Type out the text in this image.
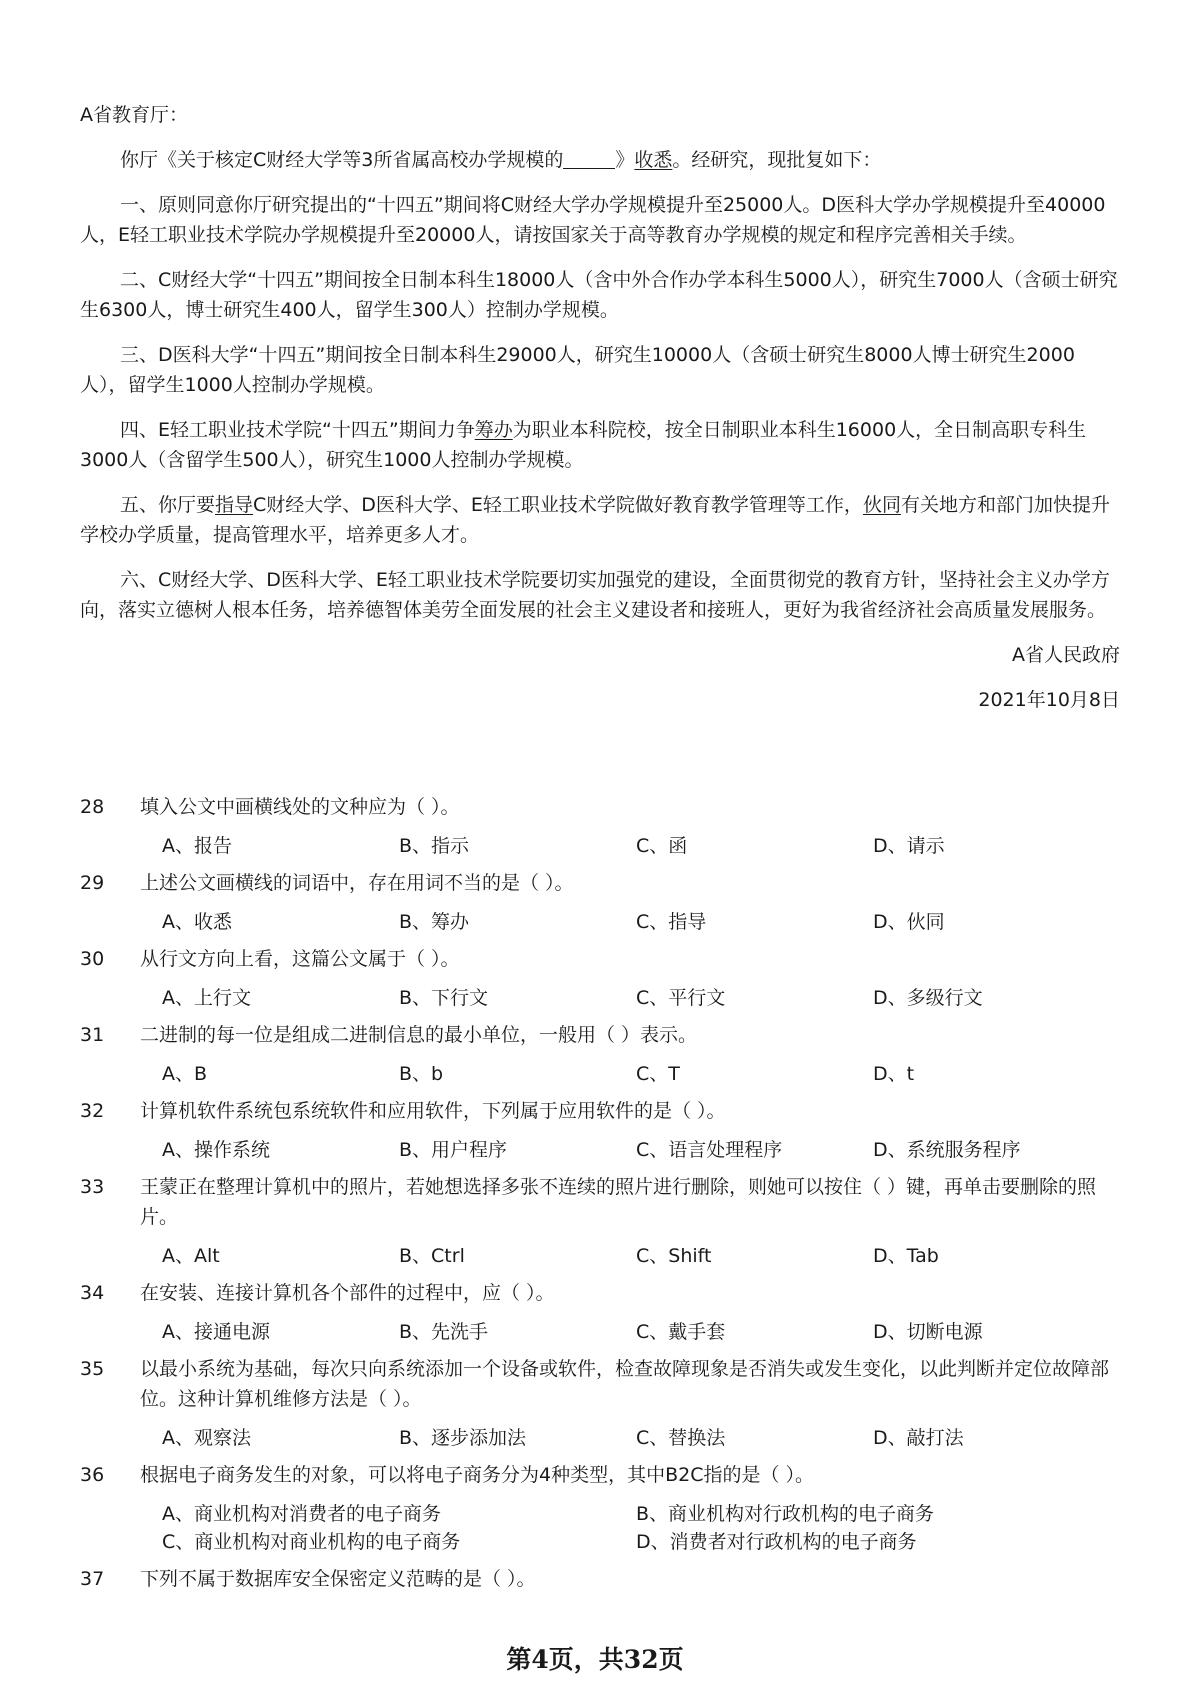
A省教育厅：

你厅《关于核定C财经大学等3所省属高校办学规模的	》收悉。经研究，现批复如下：

一、原则同意你厅研究提出的“十四五”期间将C财经大学办学规模提升至25000人。D医科大学办学规模提升至40000人，E轻工职业技术学院办学规模提升至20000人，请按国家关于高等教育办学规模的规定和程序完善相关手续。

二、C财经大学“十四五”期间按全日制本科生18000人（含中外合作办学本科生5000人），研究生7000人（含硕士研究生6300人，博士研究生400人，留学生300人）控制办学规模。

三、D医科大学“十四五”期间按全日制本科生29000人，研究生10000人（含硕士研究生8000人博士研究生2000人），留学生1000人控制办学规模。

四、E轻工职业技术学院“十四五”期间力争筹办为职业本科院校，按全日制职业本科生16000人，全日制高职专科生3000人（含留学生500人），研究生1000人控制办学规模。

五、你厅要指导C财经大学、D医科大学、E轻工职业技术学院做好教育教学管理等工作，伙同有关地方和部门加快提升学校办学质量，提高管理水平，培养更多人才。

六、C财经大学、D医科大学、E轻工职业技术学院要切实加强党的建设，全面贯彻党的教育方针，坚持社会主义办学方向，落实立德树人根本任务，培养德智体美劳全面发展的社会主义建设者和接班人，更好为我省经济社会高质量发展服务。

A省人民政府

2021年10月8日

28	填入公文中画横线处的文种应为（ ）。
A、报告	B、指示	C、函	D、请示
29	上述公文画横线的词语中，存在用词不当的是（ ）。
A、收悉	B、筹办	C、指导	D、伙同
30	从行文方向上看，这篇公文属于（ ）。
A、上行文	B、下行文	C、平行文	D、多级行文
31	二进制的每一位是组成二进制信息的最小单位，一般用（ ）表示。
A、B	B、b	C、T	D、t
32	计算机软件系统包系统软件和应用软件，下列属于应用软件的是（ ）。
A、操作系统	B、用户程序	C、语言处理程序	D、系统服务程序
33	王蒙正在整理计算机中的照片，若她想选择多张不连续的照片进行删除，则她可以按住（ ）键，再单击要删除的照片。
A、Alt	B、Ctrl	C、Shift	D、Tab
34	在安装、连接计算机各个部件的过程中，应（ ）。
A、接通电源	B、先洗手	C、戴手套	D、切断电源
35	以最小系统为基础，每次只向系统添加一个设备或软件，检查故障现象是否消失或发生变化，以此判断并定位故障部位。这种计算机维修方法是（ ）。
A、观察法	B、逐步添加法	C、替换法	D、敲打法
36	根据电子商务发生的对象，可以将电子商务分为4种类型，其中B2C指的是（ ）。
A、商业机构对消费者的电子商务	B、商业机构对行政机构的电子商务
C、商业机构对商业机构的电子商务	D、消费者对行政机构的电子商务
37	下列不属于数据库安全保密定义范畴的是（ ）。
第4页，共32页
